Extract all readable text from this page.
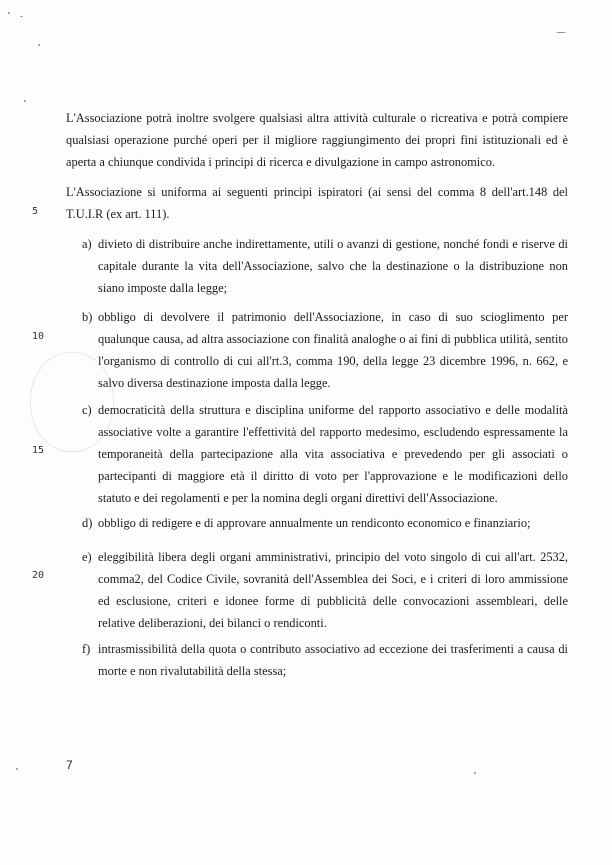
L'Associazione potrà inoltre svolgere qualsiasi altra attività culturale o ricreativa e potrà compiere qualsiasi operazione purché operi per il migliore raggiungimento dei propri fini istituzionali ed è aperta a chiunque condivida i principi di ricerca e divulgazione in campo astronomico.

L'Associazione si uniforma ai seguenti principi ispiratori (ai sensi del comma 8 dell'art.148 del T.U.I.R (ex art. 111).

a) divieto di distribuire anche indirettamente, utili o avanzi di gestione, nonché fondi e riserve di capitale durante la vita dell'Associazione, salvo che la destinazione o la distribuzione non siano imposte dalla legge;
b) obbligo di devolvere il patrimonio dell'Associazione, in caso di suo scioglimento per qualunque causa, ad altra associazione con finalità analoghe o ai fini di pubblica utilità, sentito l'organismo di controllo di cui all'rt.3, comma 190, della legge 23 dicembre 1996, n. 662, e salvo diversa destinazione imposta dalla legge.
c) democraticità della struttura e disciplina uniforme del rapporto associativo e delle modalità associative volte a garantire l'effettività del rapporto medesimo, escludendo espressamente la temporaneità della partecipazione alla vita associativa e prevedendo per gli associati o partecipanti di maggiore età il diritto di voto per l'approvazione e le modificazioni dello statuto e dei regolamenti e per la nomina degli organi direttivi dell'Associazione.
d) obbligo di redigere e di approvare annualmente un rendiconto economico e finanziario;
e) eleggibilità libera degli organi amministrativi, principio del voto singolo di cui all'art. 2532, comma2, del Codice Civile, sovranità dell'Assemblea dei Soci, e i criteri di loro ammissione ed esclusione, criteri e idonee forme di pubblicità delle convocazioni assembleari, delle relative deliberazioni, dei bilanci o rendiconti.
f) intrasmissibilità della quota o contributo associativo ad eccezione dei trasferimenti a causa di morte e non rivalutabilità della stessa;
5
10
15
20
7
